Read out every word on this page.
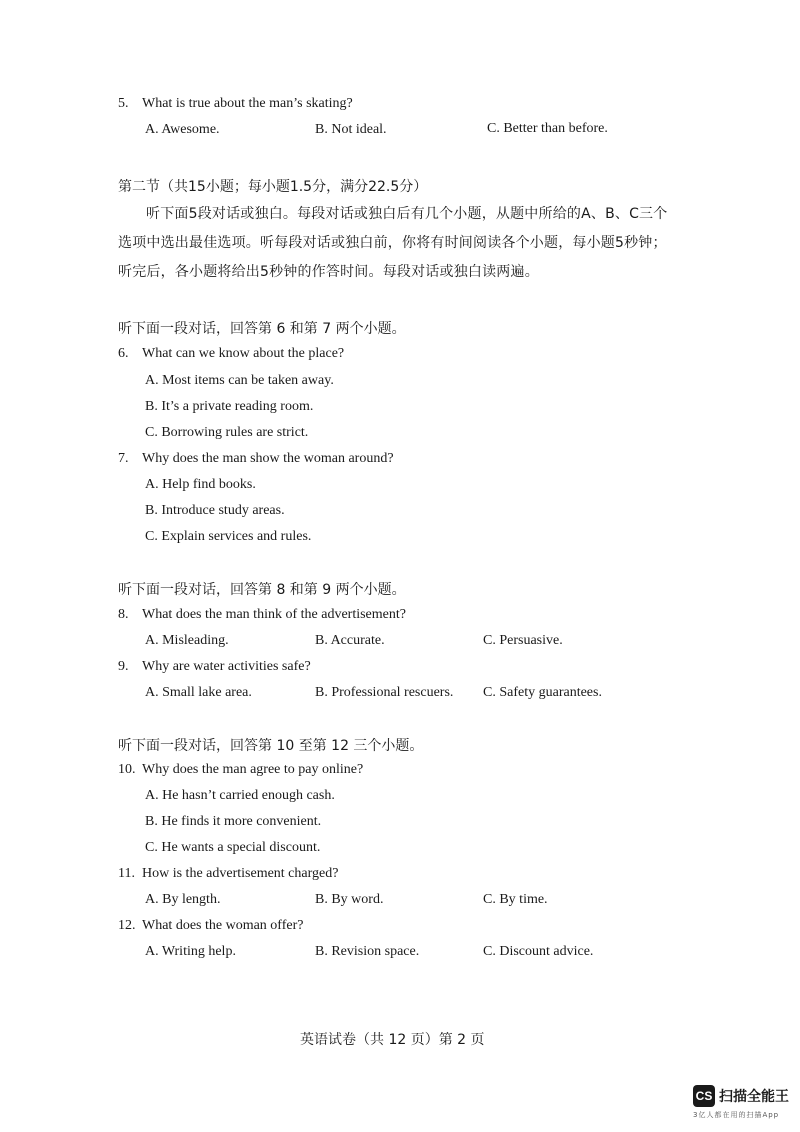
5. What is true about the man’s skating?
A. Awesome.	B. Not ideal.	C. Better than before.
第二节（共15小题；每小题1.5分，满分22.5分）
听下面5段对话或独白。每段对话或独白后有几个小题，从题中所给的A、B、C三个选项中选出最佳选项。听每段对话或独白前，你将有时间阅读各个小题，每小题5秒钟；听完后，各小题将给出5秒钟的作答时间。每段对话或独白读两遍。
听下面一段对话，回答第 6 和第 7 两个小题。
6. What can we know about the place?
A. Most items can be taken away.
B. It’s a private reading room.
C. Borrowing rules are strict.
7. Why does the man show the woman around?
A. Help find books.
B. Introduce study areas.
C. Explain services and rules.
听下面一段对话，回答第 8 和第 9 两个小题。
8. What does the man think of the advertisement?
A. Misleading.	B. Accurate.	C. Persuasive.
9. Why are water activities safe?
A. Small lake area.	B. Professional rescuers. C. Safety guarantees.
听下面一段对话，回答第 10 至第 12 三个小题。
10. Why does the man agree to pay online?
A. He hasn’t carried enough cash.
B. He finds it more convenient.
C. He wants a special discount.
11. How is the advertisement charged?
A. By length.	B. By word.	C. By time.
12. What does the woman offer?
A. Writing help.	B. Revision space.	C. Discount advice.
英语试卷（共 12 页）第 2 页
CS 扫描全能王
3亿人都在用的扫描App
